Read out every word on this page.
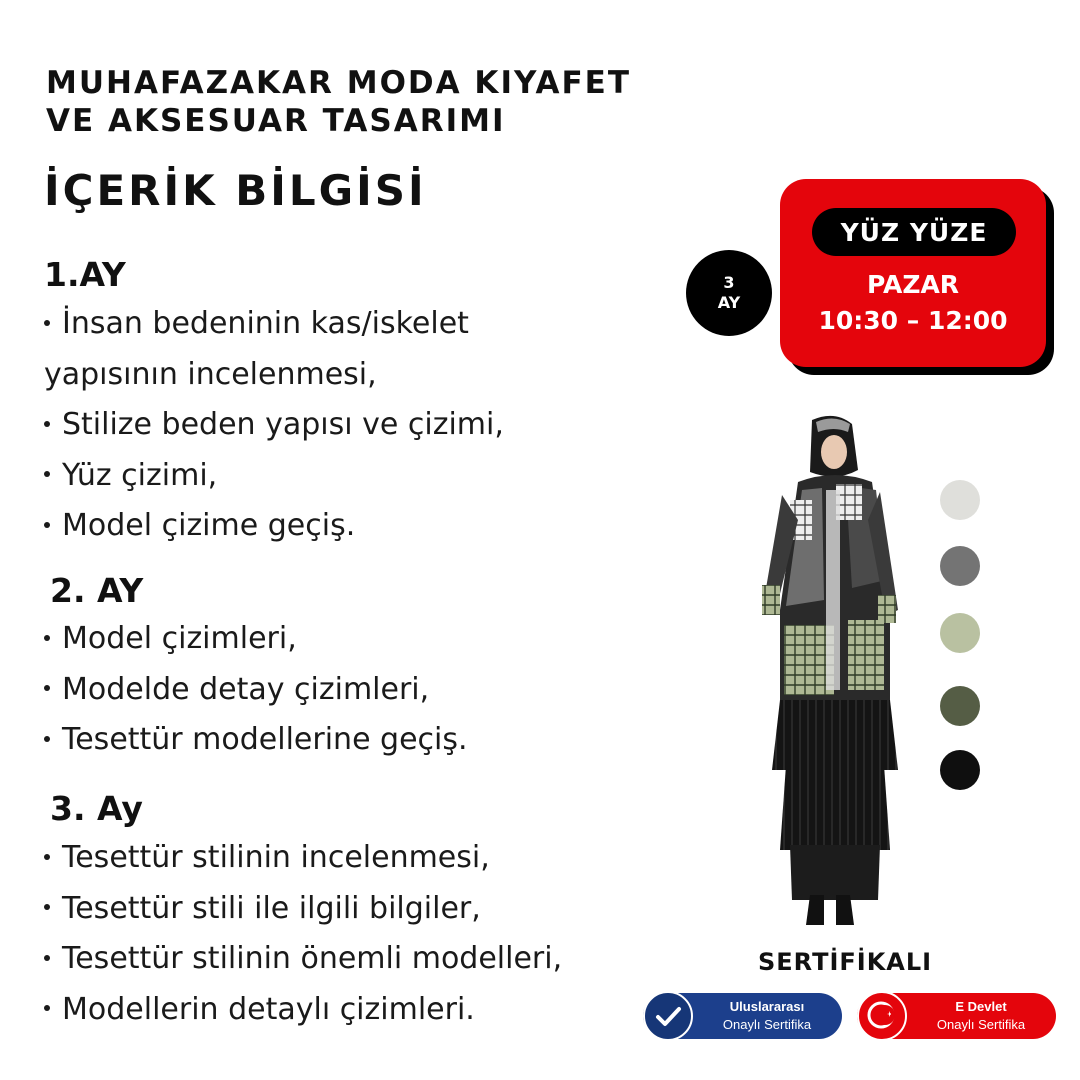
MUHAFAZAKAR MODA KIYAFET
VE AKSESUAR TASARIMI
İÇERİK BİLGİSİ
1.AY
İnsan bedeninin kas/iskelet
yapısının incelenmesi,
Stilize beden yapısı ve çizimi,
Yüz çizimi,
Model çizime geçiş.
2. AY
Model çizimleri,
Modelde detay çizimleri,
Tesettür modellerine geçiş.
3. Ay
Tesettür stilinin incelenmesi,
Tesettür stili ile ilgili bilgiler,
Tesettür stilinin önemli modelleri,
Modellerin detaylı çizimleri.
3
AY
YÜZ YÜZE
PAZAR
10:30 – 12:00
SERTİFİKALI
Uluslararası
Onaylı Sertifika
E Devlet
Onaylı Sertifika
